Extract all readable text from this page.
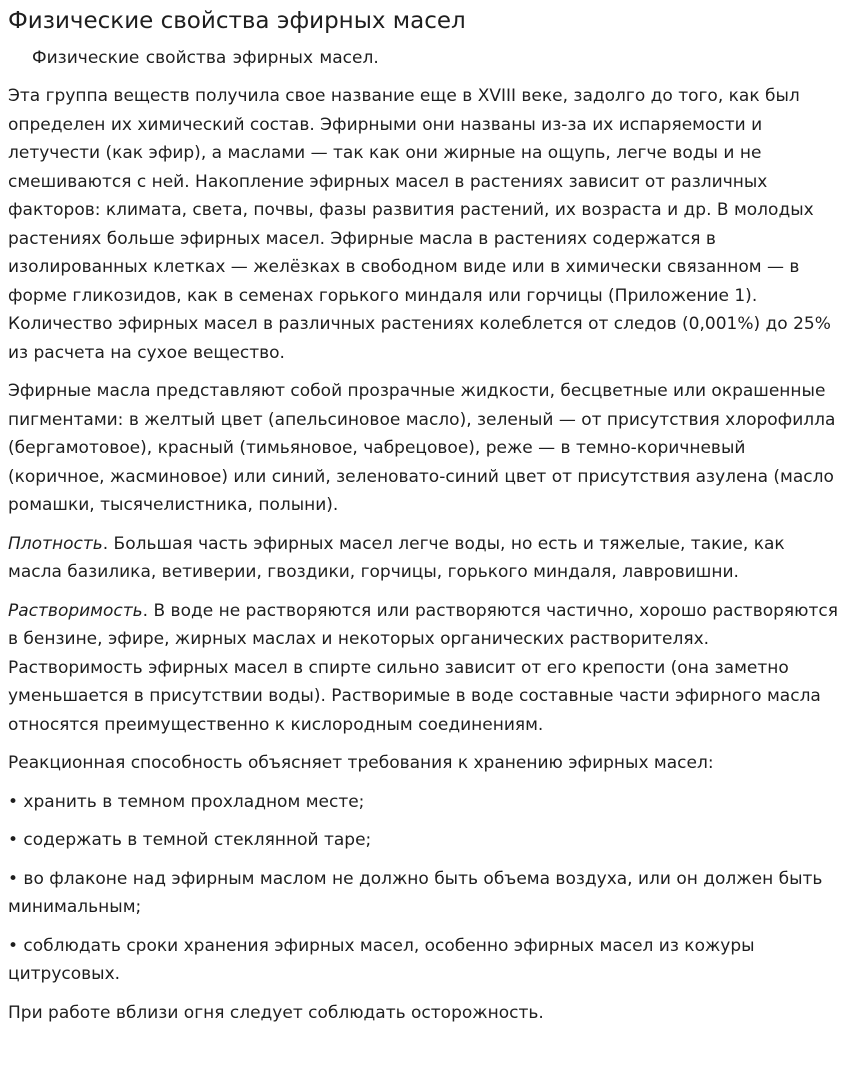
Физические свойства эфирных масел
Физические свойства эфирных масел.

Эта группа веществ получила свое название еще в XVIII веке, задолго до того, как был определен их химический состав. Эфирными они названы из-за их испаряемости и летучести (как эфир), а маслами — так как они жирные на ощупь, легче воды и не смешиваются с ней. Накопление эфирных масел в растениях зависит от различных факторов: климата, света, почвы, фазы развития растений, их возраста и др. В молодых растениях больше эфирных масел. Эфирные масла в растениях содержатся в изолированных клетках — желёзках в свободном виде или в химически связанном — в форме гликозидов, как в семенах горького миндаля или горчицы (Приложение 1). Количество эфирных масел в различных растениях колеблется от следов (0,001%) до 25% из расчета на сухое вещество.

Эфирные масла представляют собой прозрачные жидкости, бесцветные или окрашенные пигментами: в желтый цвет (апельсиновое масло), зеленый — от присутствия хлорофилла (бергамотовое), красный (тимьяновое, чабрецовое), реже — в темно-коричневый (коричное, жасминовое) или синий, зеленовато-синий цвет от присутствия азулена (масло ромашки, тысячелистника, полыни).

Плотность. Большая часть эфирных масел легче воды, но есть и тяжелые, такие, как масла базилика, ветиверии, гвоздики, горчицы, горького миндаля, лавровишни.

Растворимость. В воде не растворяются или растворяются частично, хорошо растворяются в бензине, эфире, жирных маслах и некоторых органических растворителях. Растворимость эфирных масел в спирте сильно зависит от его крепости (она заметно уменьшается в присутствии воды). Растворимые в воде составные части эфирного масла относятся преимущественно к кислородным соединениям.

Реакционная способность объясняет требования к хранению эфирных масел:

• хранить в темном прохладном месте;

• содержать в темной стеклянной таре;

• во флаконе над эфирным маслом не должно быть объема воздуха, или он должен быть минимальным;

• соблюдать сроки хранения эфирных масел, особенно эфирных масел из кожуры цитрусовых.

При работе вблизи огня следует соблюдать осторожность.
